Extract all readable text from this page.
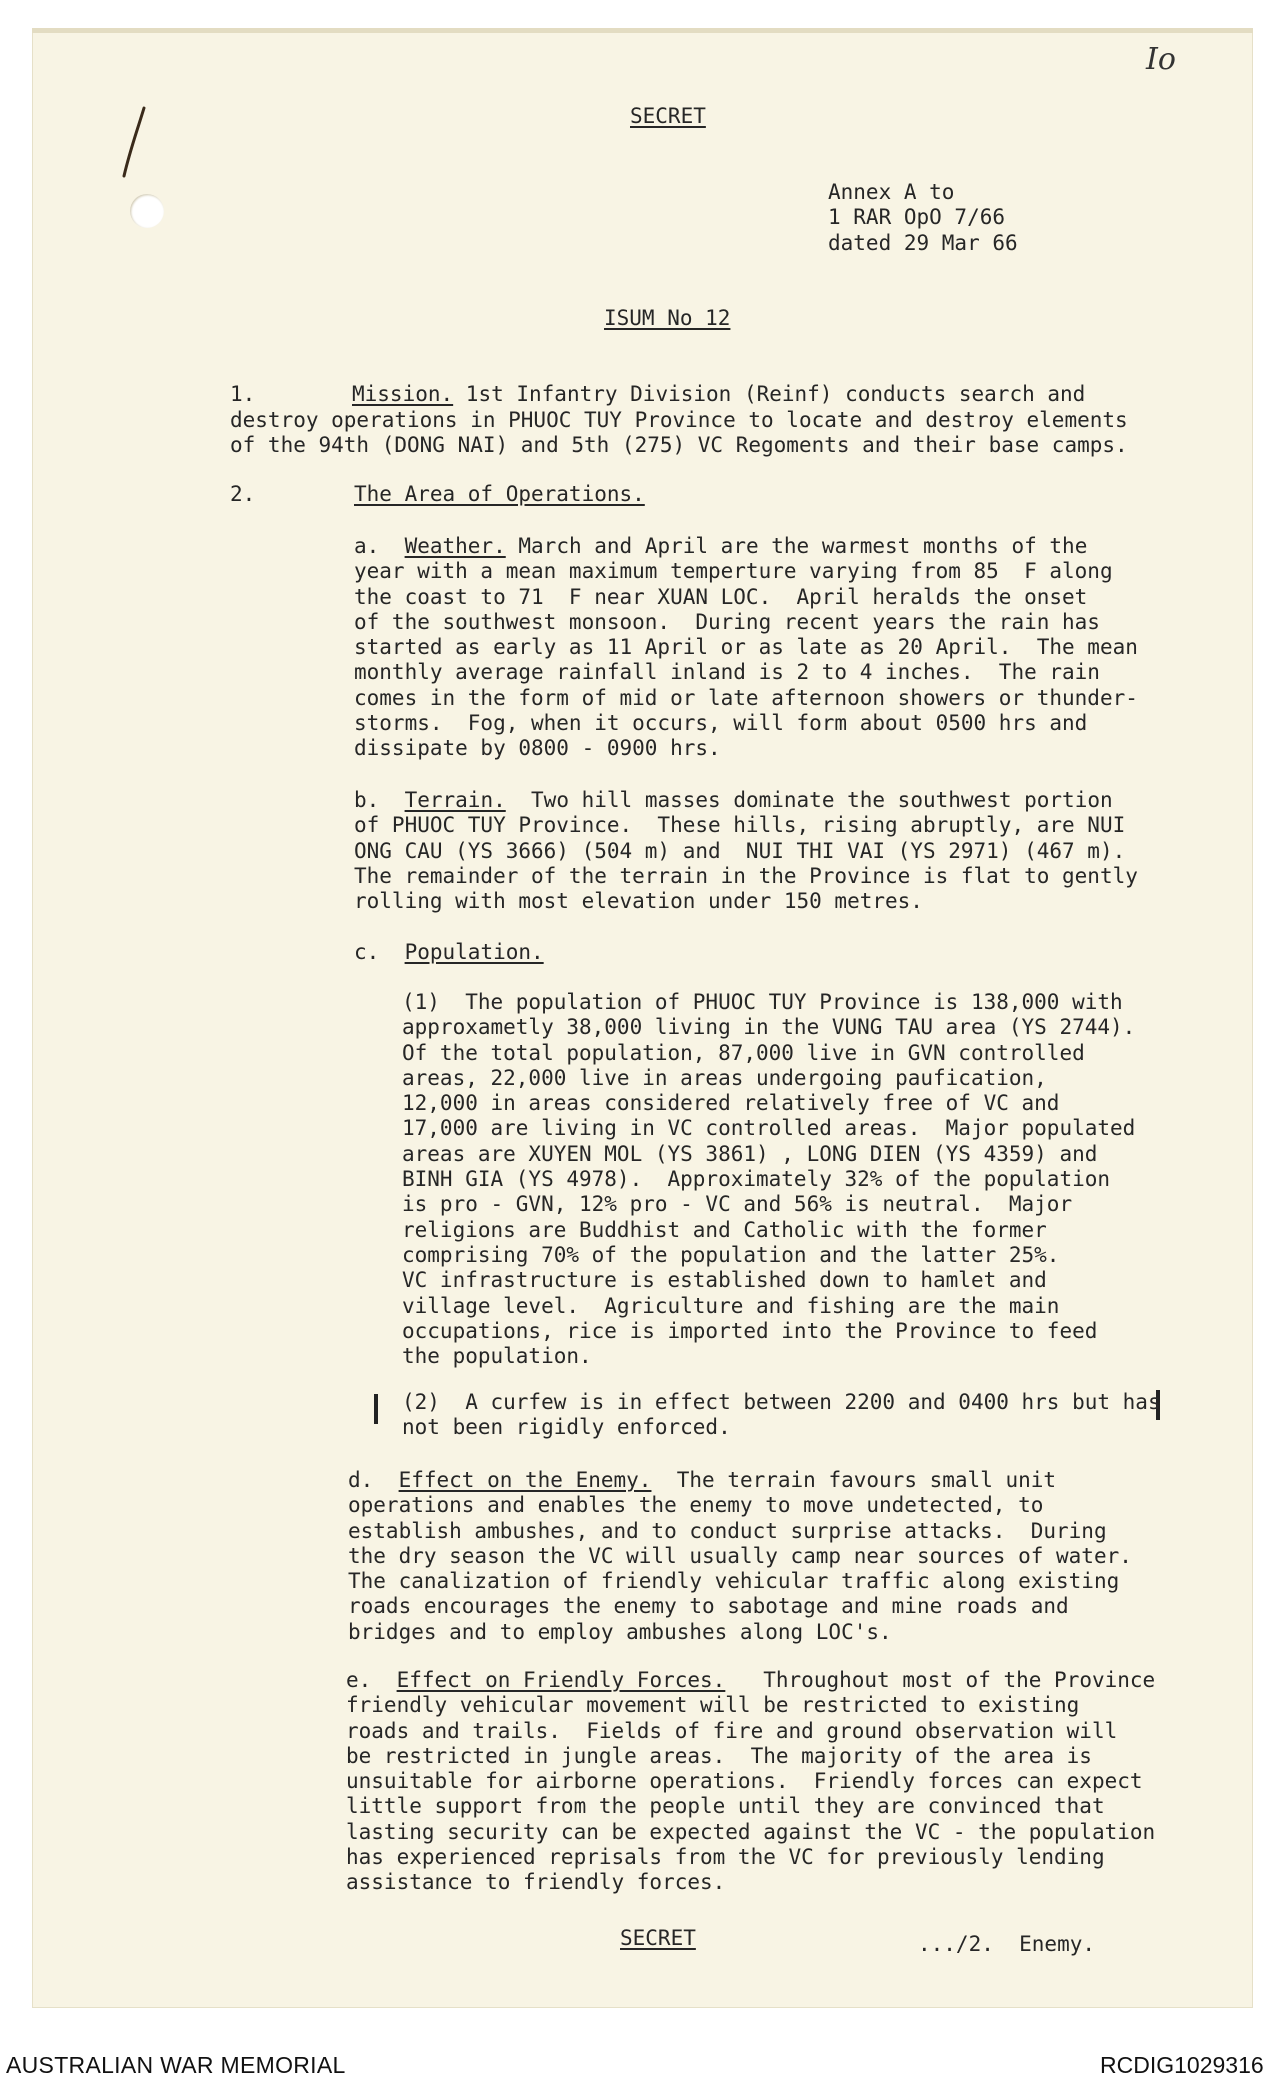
Io
SECRET

Annex A to

1 RAR OpO 7/66

dated 29 Mar 66

ISUM No 12
1.	Mission. 1st Infantry Division (Reinf) conducts search and

destroy operations in PHUOC TUY Province to locate and destroy elements

of the 94th (DONG NAI) and 5th (275) VC Regoments and their base camps.

2.	The Area of Operations.

a. Weather. March and April are the warmest months of the

year with a mean maximum temperture varying from 85  F along

the coast to 71  F near XUAN LOC.  April heralds the onset

of the southwest monsoon.  During recent years the rain has

started as early as 11 April or as late as 20 April.  The mean

monthly average rainfall inland is 2 to 4 inches.  The rain

comes in the form of mid or late afternoon showers or thunder-

storms.  Fog, when it occurs, will form about 0500 hrs and

dissipate by 0800 - 0900 hrs.

b. Terrain.  Two hill masses dominate the southwest portion

of PHUOC TUY Province.  These hills, rising abruptly, are NUI

ONG CAU (YS 3666) (504 m) and  NUI THI VAI (YS 2971) (467 m).

The remainder of the terrain in the Province is flat to gently

rolling with most elevation under 150 metres.

c. Population.

(1)  The population of PHUOC TUY Province is 138,000 with

approxametly 38,000 living in the VUNG TAU area (YS 2744).

Of the total population, 87,000 live in GVN controlled

areas, 22,000 live in areas undergoing paufication,

12,000 in areas considered relatively free of VC and

17,000 are living in VC controlled areas.  Major populated

areas are XUYEN MOL (YS 3861) , LONG DIEN (YS 4359) and

BINH GIA (YS 4978).  Approximately 32% of the population

is pro - GVN, 12% pro - VC and 56% is neutral.  Major

religions are Buddhist and Catholic with the former

comprising 70% of the population and the latter 25%.

VC infrastructure is established down to hamlet and

village level.  Agriculture and fishing are the main

occupations, rice is imported into the Province to feed

the population.

(2)  A curfew is in effect between 2200 and 0400 hrs but has

not been rigidly enforced.

d. Effect on the Enemy.  The terrain favours small unit

operations and enables the enemy to move undetected, to

establish ambushes, and to conduct surprise attacks.  During

the dry season the VC will usually camp near sources of water.

The canalization of friendly vehicular traffic along existing

roads encourages the enemy to sabotage and mine roads and

bridges and to employ ambushes along LOC's.

e. Effect on Friendly Forces.   Throughout most of the Province

friendly vehicular movement will be restricted to existing

roads and trails.  Fields of fire and ground observation will

be restricted in jungle areas.  The majority of the area is

unsuitable for airborne operations.  Friendly forces can expect

little support from the people until they are convinced that

lasting security can be expected against the VC - the population

has experienced reprisals from the VC for previously lending

assistance to friendly forces.

SECRET	.../2.  Enemy.
AUSTRALIAN WAR MEMORIAL	RCDIG1029316
